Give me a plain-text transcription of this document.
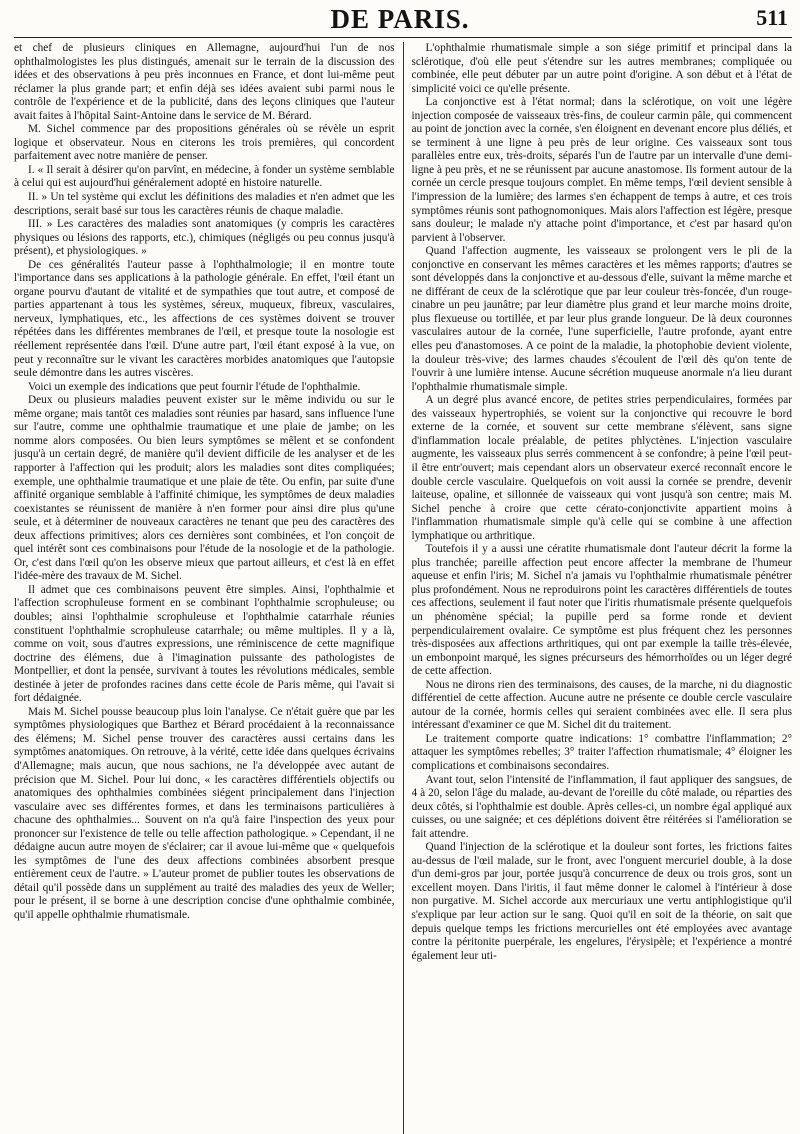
DE PARIS.	511

et chef de plusieurs cliniques en Allemagne, aujourd'hui l'un de nos ophthalmologistes les plus distingués, amenait sur le terrain de la discussion des idées et des observations à peu près inconnues en France, et dont lui-même peut réclamer la plus grande part; et enfin déjà ses idées avaient subi parmi nous le contrôle de l'expérience et de la publicité, dans des leçons cliniques que l'auteur avait faites à l'hôpital Saint-Antoine dans le service de M. Bérard.

M. Sichel commence par des propositions générales où se révèle un esprit logique et observateur. Nous en citerons les trois premières, qui concordent parfaitement avec notre manière de penser.

I. « Il serait à désirer qu'on parvînt, en médecine, à fonder un système semblable à celui qui est aujourd'hui généralement adopté en histoire naturelle.

II. » Un tel système qui exclut les définitions des maladies et n'en admet que les descriptions, serait basé sur tous les caractères réunis de chaque maladie.

III. » Les caractères des maladies sont anatomiques (y compris les caractères physiques ou lésions des rapports, etc.), chimiques (négligés ou peu connus jusqu'à présent), et physiologiques. »

De ces généralités l'auteur passe à l'ophthalmologie; il en montre toute l'importance dans ses applications à la pathologie générale. En effet, l'œil étant un organe pourvu d'autant de vitalité et de sympathies que tout autre, et composé de parties appartenant à tous les systèmes, séreux, muqueux, fibreux, vasculaires, nerveux, lymphatiques, etc., les affections de ces systèmes doivent se trouver répétées dans les différentes membranes de l'œil, et presque toute la nosologie est réellement représentée dans l'œil. D'une autre part, l'œil étant exposé à la vue, on peut y reconnaître sur le vivant les caractères morbides anatomiques que l'autopsie seule démontre dans les autres viscères.

Voici un exemple des indications que peut fournir l'étude de l'ophthalmie.

Deux ou plusieurs maladies peuvent exister sur le même individu ou sur le même organe; mais tantôt ces maladies sont réunies par hasard, sans influence l'une sur l'autre, comme une ophthalmie traumatique et une plaie de jambe; on les nomme alors composées. Ou bien leurs symptômes se mêlent et se confondent jusqu'à un certain degré, de manière qu'il devient difficile de les analyser et de les rapporter à l'affection qui les produit; alors les maladies sont dites compliquées; exemple, une ophthalmie traumatique et une plaie de tête. Ou enfin, par suite d'une affinité organique semblable à l'affinité chimique, les symptômes de deux maladies coexistantes se réunissent de manière à n'en former pour ainsi dire plus qu'une seule, et à déterminer de nouveaux caractères ne tenant que peu des caractères des deux affections primitives; alors ces dernières sont combinées, et l'on conçoit de quel intérêt sont ces combinaisons pour l'étude de la nosologie et de la pathologie. Or, c'est dans l'œil qu'on les observe mieux que partout ailleurs, et c'est là en effet l'idée-mère des travaux de M. Sichel.

Il admet que ces combinaisons peuvent être simples. Ainsi, l'ophthalmie et l'affection scrophuleuse forment en se combinant l'ophthalmie scrophuleuse; ou doubles; ainsi l'ophthalmie scrophuleuse et l'ophthalmie catarrhale réunies constituent l'ophthalmie scrophuleuse catarrhale; ou même multiples. Il y a là, comme on voit, sous d'autres expressions, une réminiscence de cette magnifique doctrine des élémens, due à l'imagination puissante des pathologistes de Montpellier, et dont la pensée, survivant à toutes les révolutions médicales, semble destinée à jeter de profondes racines dans cette école de Paris même, qui l'avait si fort dédaignée.

Mais M. Sichel pousse beaucoup plus loin l'analyse. Ce n'était guère que par les symptômes physiologiques que Barthez et Bérard procédaient à la reconnaissance des élémens; M. Sichel pense trouver des caractères aussi certains dans les symptômes anatomiques. On retrouve, à la vérité, cette idée dans quelques écrivains d'Allemagne; mais aucun, que nous sachions, ne l'a développée avec autant de précision que M. Sichel. Pour lui donc, « les caractères différentiels objectifs ou anatomiques des ophthalmies combinées siégent principalement dans l'injection vasculaire avec ses différentes formes, et dans les terminaisons particulières à chacune des ophthalmies... Souvent on n'a qu'à faire l'inspection des yeux pour prononcer sur l'existence de telle ou telle affection pathologique. » Cependant, il ne dédaigne aucun autre moyen de s'éclairer; car il avoue lui-même que « quelquefois les symptômes de l'une des deux affections combinées absorbent presque entièrement ceux de l'autre. » L'auteur promet de publier toutes les observations de détail qu'il possède dans un supplément au traité des maladies des yeux de Weller; pour le présent, il se borne à une description concise d'une ophthalmie combinée, qu'il appelle ophthalmie rhumatismale.

L'ophthalmie rhumatismale simple a son siége primitif et principal dans la sclérotique, d'où elle peut s'étendre sur les autres membranes; compliquée ou combinée, elle peut débuter par un autre point d'origine. A son début et à l'état de simplicité voici ce qu'elle présente.

La conjonctive est à l'état normal; dans la sclérotique, on voit une légère injection composée de vaisseaux très-fins, de couleur carmin pâle, qui commencent au point de jonction avec la cornée, s'en éloignent en devenant encore plus déliés, et se terminent à une ligne à peu près de leur origine. Ces vaisseaux sont tous parallèles entre eux, très-droits, séparés l'un de l'autre par un intervalle d'une demi-ligne à peu près, et ne se réunissent par aucune anastomose. Ils forment autour de la cornée un cercle presque toujours complet. En même temps, l'œil devient sensible à l'impression de la lumière; des larmes s'en échappent de temps à autre, et ces trois symptômes réunis sont pathognomoniques. Mais alors l'affection est légère, presque sans douleur; le malade n'y attache point d'importance, et c'est par hasard qu'on parvient à l'observer.

Quand l'affection augmente, les vaisseaux se prolongent vers le pli de la conjonctive en conservant les mêmes caractères et les mêmes rapports; d'autres se sont développés dans la conjonctive et au-dessous d'elle, suivant la même marche et ne différant de ceux de la sclérotique que par leur couleur très-foncée, d'un rouge-cinabre un peu jaunâtre; par leur diamètre plus grand et leur marche moins droite, plus flexueuse ou tortillée, et par leur plus grande longueur. De là deux couronnes vasculaires autour de la cornée, l'une superficielle, l'autre profonde, ayant entre elles peu d'anastomoses. A ce point de la maladie, la photophobie devient violente, la douleur très-vive; des larmes chaudes s'écoulent de l'œil dès qu'on tente de l'ouvrir à une lumière intense. Aucune sécrétion muqueuse anormale n'a lieu durant l'ophthalmie rhumatismale simple.

A un degré plus avancé encore, de petites stries perpendiculaires, formées par des vaisseaux hypertrophiés, se voient sur la conjonctive qui recouvre le bord externe de la cornée, et souvent sur cette membrane s'élèvent, sans signe d'inflammation locale préalable, de petites phlyctènes. L'injection vasculaire augmente, les vaisseaux plus serrés commencent à se confondre; à peine l'œil peut-il être entr'ouvert; mais cependant alors un observateur exercé reconnaît encore le double cercle vasculaire. Quelquefois on voit aussi la cornée se prendre, devenir laiteuse, opaline, et sillonnée de vaisseaux qui vont jusqu'à son centre; mais M. Sichel penche à croire que cette cérato-conjonctivite appartient moins à l'inflammation rhumatismale simple qu'à celle qui se combine à une affection lymphatique ou arthritique.

Toutefois il y a aussi une cératite rhumatismale dont l'auteur décrit la forme la plus tranchée; pareille affection peut encore affecter la membrane de l'humeur aqueuse et enfin l'iris; M. Sichel n'a jamais vu l'ophthalmie rhumatismale pénétrer plus profondément. Nous ne reproduirons point les caractères différentiels de toutes ces affections, seulement il faut noter que l'iritis rhumatismale présente quelquefois un phénomène spécial; la pupille perd sa forme ronde et devient perpendiculairement ovalaire. Ce symptôme est plus fréquent chez les personnes très-disposées aux affections arthritiques, qui ont par exemple la taille très-élevée, un embonpoint marqué, les signes précurseurs des hémorrhoïdes ou un léger degré de cette affection.

Nous ne dirons rien des terminaisons, des causes, de la marche, ni du diagnostic différentiel de cette affection. Aucune autre ne présente ce double cercle vasculaire autour de la cornée, hormis celles qui seraient combinées avec elle. Il sera plus intéressant d'examiner ce que M. Sichel dit du traitement.

Le traitement comporte quatre indications: 1° combattre l'inflammation; 2° attaquer les symptômes rebelles; 3° traiter l'affection rhumatismale; 4° éloigner les complications et combinaisons secondaires.

Avant tout, selon l'intensité de l'inflammation, il faut appliquer des sangsues, de 4 à 20, selon l'âge du malade, au-devant de l'oreille du côté malade, ou réparties des deux côtés, si l'ophthalmie est double. Après celles-ci, un nombre égal appliqué aux cuisses, ou une saignée; et ces déplétions doivent être réitérées si l'amélioration se fait attendre.

Quand l'injection de la sclérotique et la douleur sont fortes, les frictions faites au-dessus de l'œil malade, sur le front, avec l'onguent mercuriel double, à la dose d'un demi-gros par jour, portée jusqu'à concurrence de deux ou trois gros, sont un excellent moyen. Dans l'iritis, il faut même donner le calomel à l'intérieur à dose non purgative. M. Sichel accorde aux mercuriaux une vertu antiphlogistique qu'il s'explique par leur action sur le sang. Quoi qu'il en soit de la théorie, on sait que depuis quelque temps les frictions mercurielles ont été employées avec avantage contre la péritonite puerpérale, les engelures, l'érysipèle; et l'expérience a montré également leur uti-
